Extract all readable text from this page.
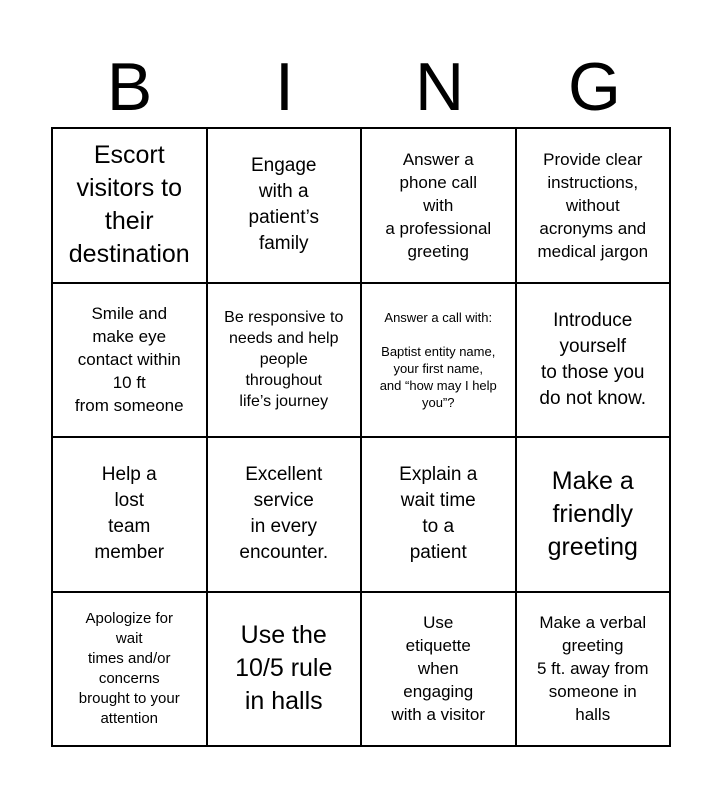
B	I	N	G
Escort
visitors to
their
destination
Engage
with a
patient’s
family
Answer a
phone call
with
a professional
greeting
Provide clear
instructions,
without
acronyms and
medical jargon
Smile and
make eye
contact within
10 ft
from someone
Be responsive to
needs and help
people
throughout
life’s journey
Answer a call with:

Baptist entity name,
your first name,
and “how may I help
you”?
Introduce
yourself
to those you
do not know.
Help a
lost
team
member
Excellent
service
in every
encounter.
Explain a
wait time
to a
patient
Make a
friendly
greeting
Apologize for
wait
times and/or
concerns
brought to your
attention
Use the
10/5 rule
in halls
Use
etiquette
when
engaging
with a visitor
Make a verbal
greeting
5 ft. away from
someone in
halls
